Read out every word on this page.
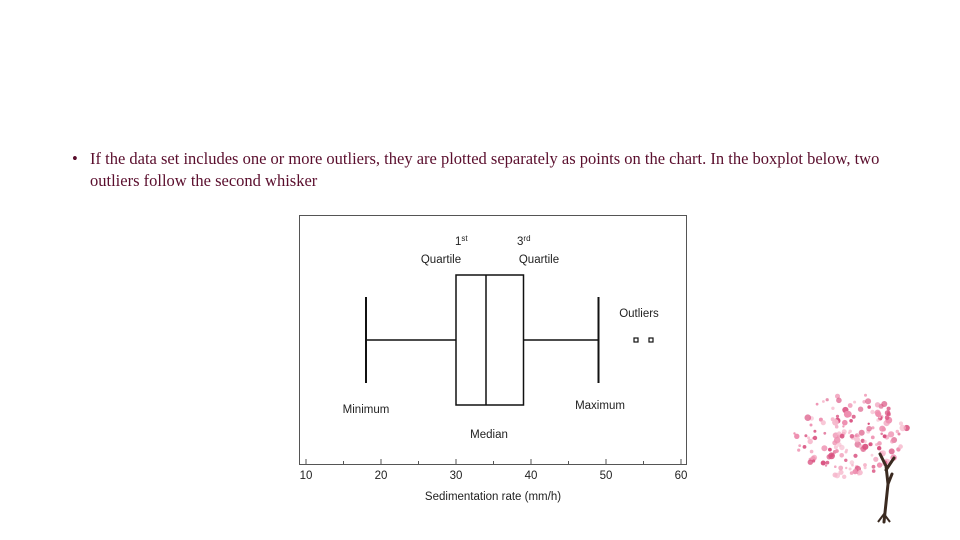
• If the data set includes one or more outliers, they are plotted separately as points on the chart. In the boxplot below, two outliers follow the second whisker
10	20	30	40	50	60
Sedimentation rate (mm/h)
1st
Quartile
3rd
Quartile
Outliers
Minimum	Maximum
Median
